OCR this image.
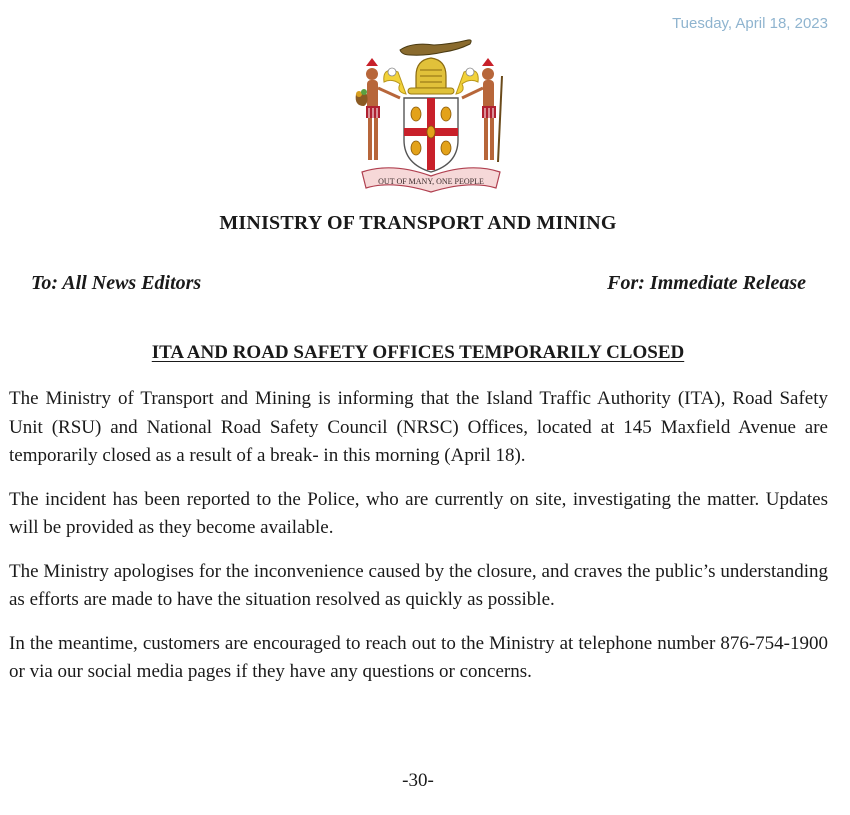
Tuesday, April 18, 2023
OUT OF MANY, ONE PEOPLE
MINISTRY OF TRANSPORT AND MINING
To: All News Editors	For: Immediate Release
ITA AND ROAD SAFETY OFFICES TEMPORARILY CLOSED

The Ministry of Transport and Mining is informing that the Island Traffic Authority (ITA), Road Safety Unit (RSU) and National Road Safety Council (NRSC) Offices, located at 145 Maxfield Avenue are temporarily closed as a result of a break- in this morning (April 18).

The incident has been reported to the Police, who are currently on site, investigating the matter. Updates will be provided as they become available.

The Ministry apologises for the inconvenience caused by the closure, and craves the public’s understanding as efforts are made to have the situation resolved as quickly as possible.

In the meantime, customers are encouraged to reach out to the Ministry at telephone number 876-754-1900 or via our social media pages if they have any questions or concerns.

-30-
